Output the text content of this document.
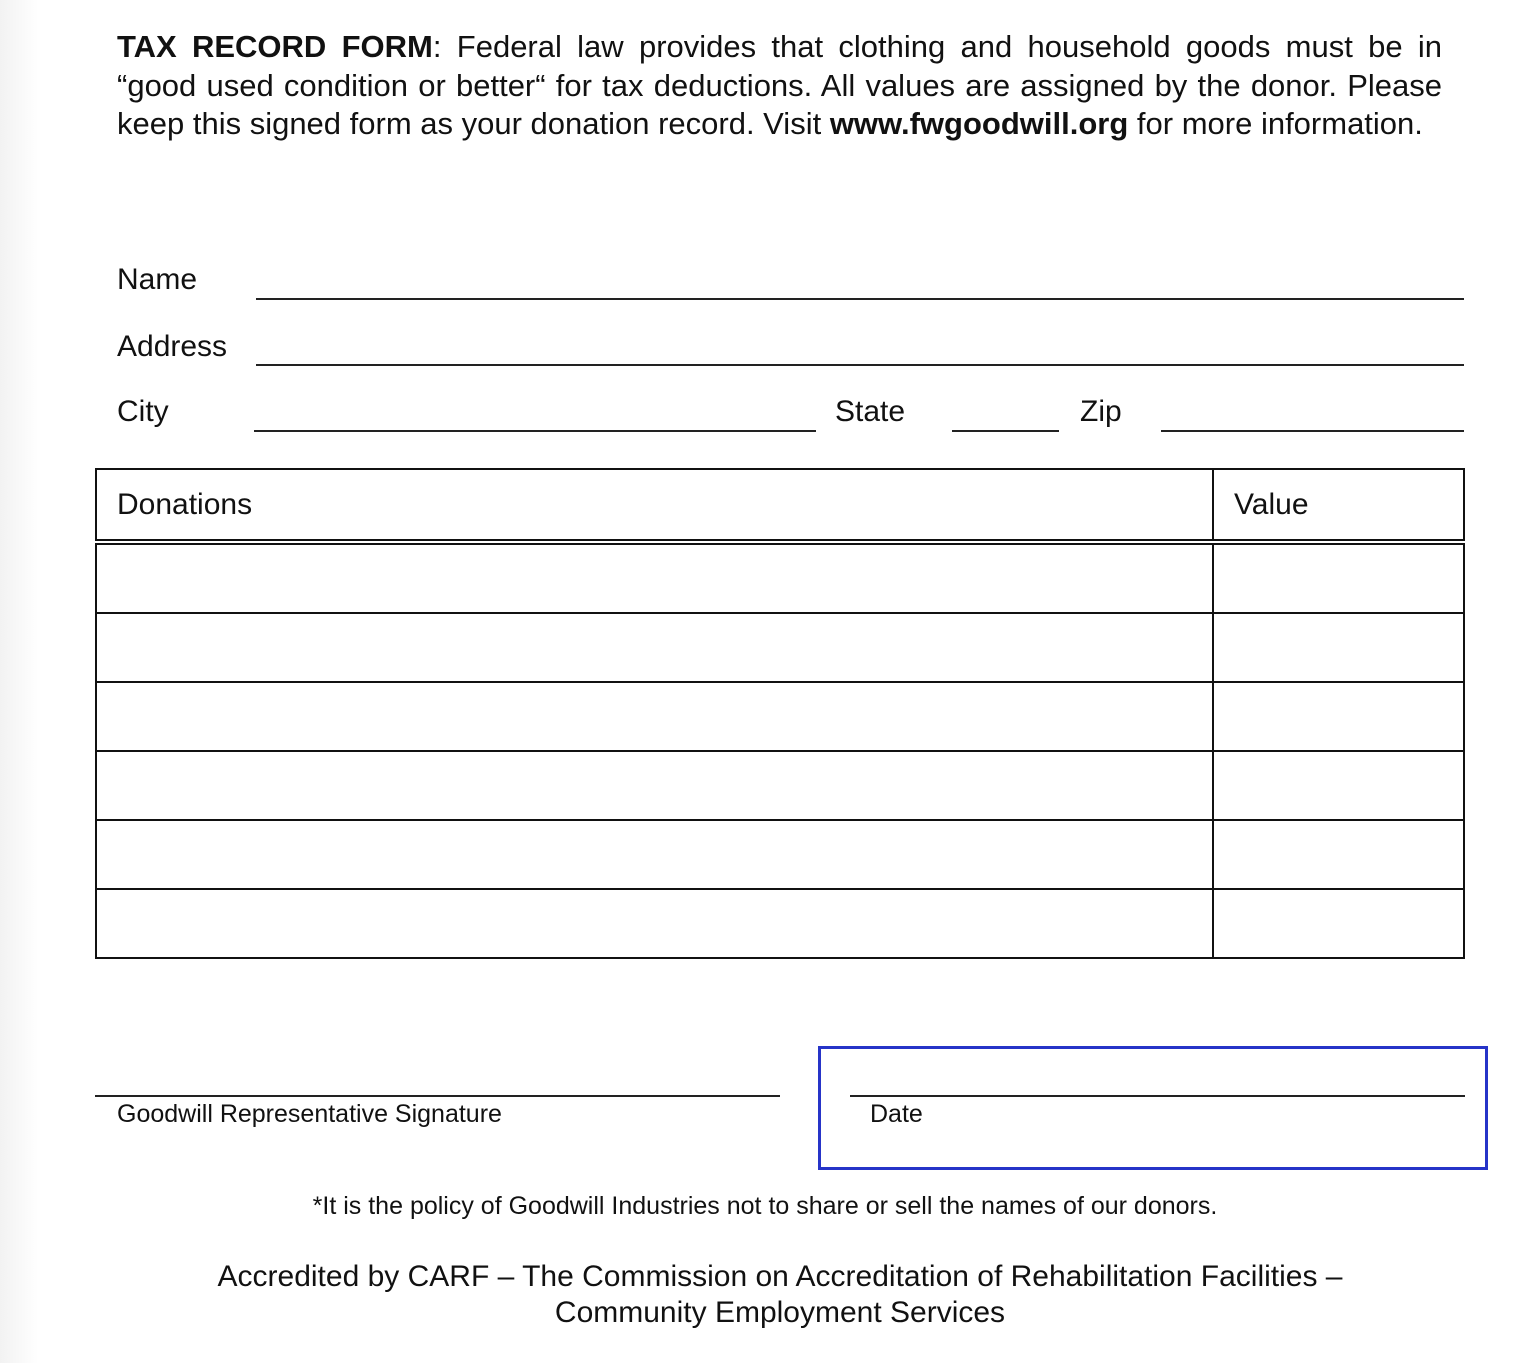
TAX RECORD FORM: Federal law provides that clothing and household goods must be in “good used condition or better“ for tax deductions. All values are assigned by the donor. Please keep this signed form as your donation record. Visit www.fwgoodwill.org for more information.

Name
Address
City	State	Zip
Donations	Value

Goodwill Representative Signature	Date
*It is the policy of Goodwill Industries not to share or sell the names of our donors.
Accredited by CARF – The Commission on Accreditation of Rehabilitation Facilities –
Community Employment Services
